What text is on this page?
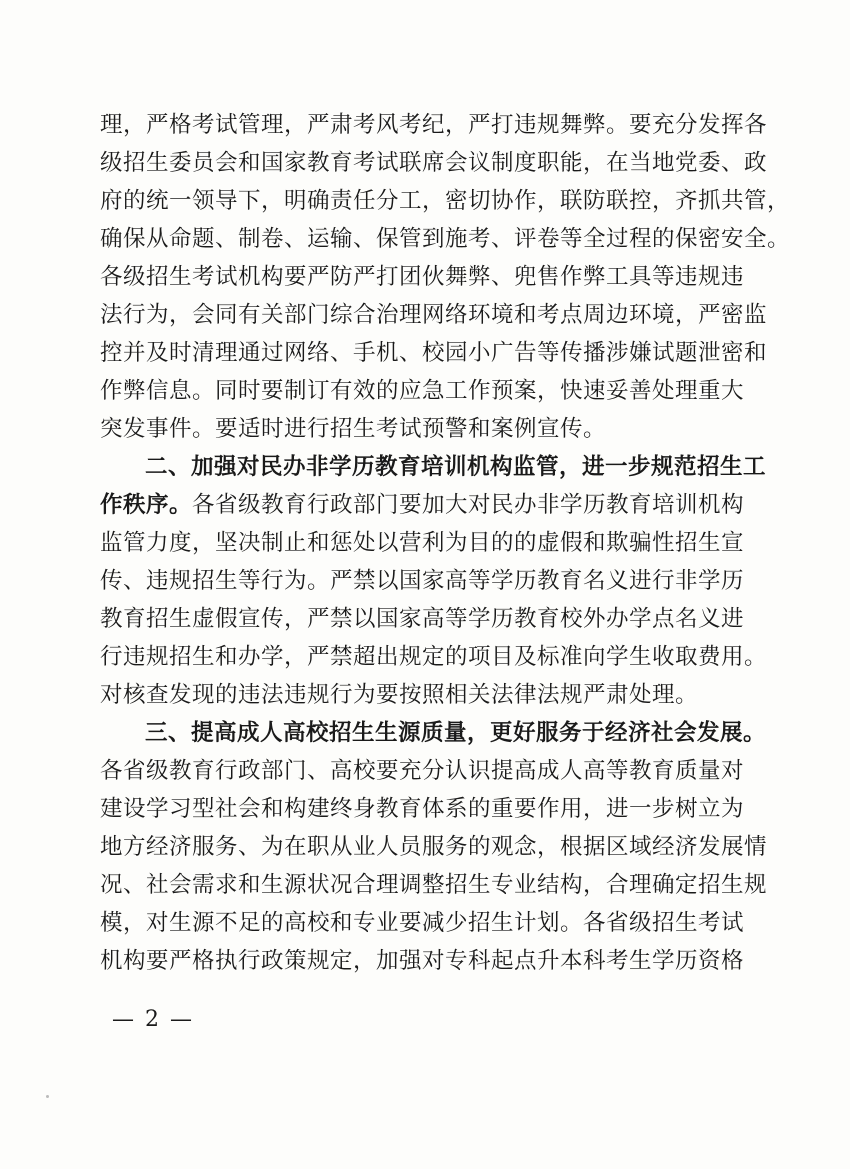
理，严格考试管理，严肃考风考纪，严打违规舞弊。要充分发挥各
级招生委员会和国家教育考试联席会议制度职能，在当地党委、政
府的统一领导下，明确责任分工，密切协作，联防联控，齐抓共管，
确保从命题、制卷、运输、保管到施考、评卷等全过程的保密安全。
各级招生考试机构要严防严打团伙舞弊、兜售作弊工具等违规违
法行为，会同有关部门综合治理网络环境和考点周边环境，严密监
控并及时清理通过网络、手机、校园小广告等传播涉嫌试题泄密和
作弊信息。同时要制订有效的应急工作预案，快速妥善处理重大
突发事件。要适时进行招生考试预警和案例宣传。
二、加强对民办非学历教育培训机构监管，进一步规范招生工
作秩序。各省级教育行政部门要加大对民办非学历教育培训机构
监管力度，坚决制止和惩处以营利为目的的虚假和欺骗性招生宣
传、违规招生等行为。严禁以国家高等学历教育名义进行非学历
教育招生虚假宣传，严禁以国家高等学历教育校外办学点名义进
行违规招生和办学，严禁超出规定的项目及标准向学生收取费用。
对核查发现的违法违规行为要按照相关法律法规严肃处理。
三、提高成人高校招生生源质量，更好服务于经济社会发展。
各省级教育行政部门、高校要充分认识提高成人高等教育质量对
建设学习型社会和构建终身教育体系的重要作用，进一步树立为
地方经济服务、为在职从业人员服务的观念，根据区域经济发展情
况、社会需求和生源状况合理调整招生专业结构，合理确定招生规
模，对生源不足的高校和专业要减少招生计划。各省级招生考试
机构要严格执行政策规定，加强对专科起点升本科考生学历资格
— 2 —
